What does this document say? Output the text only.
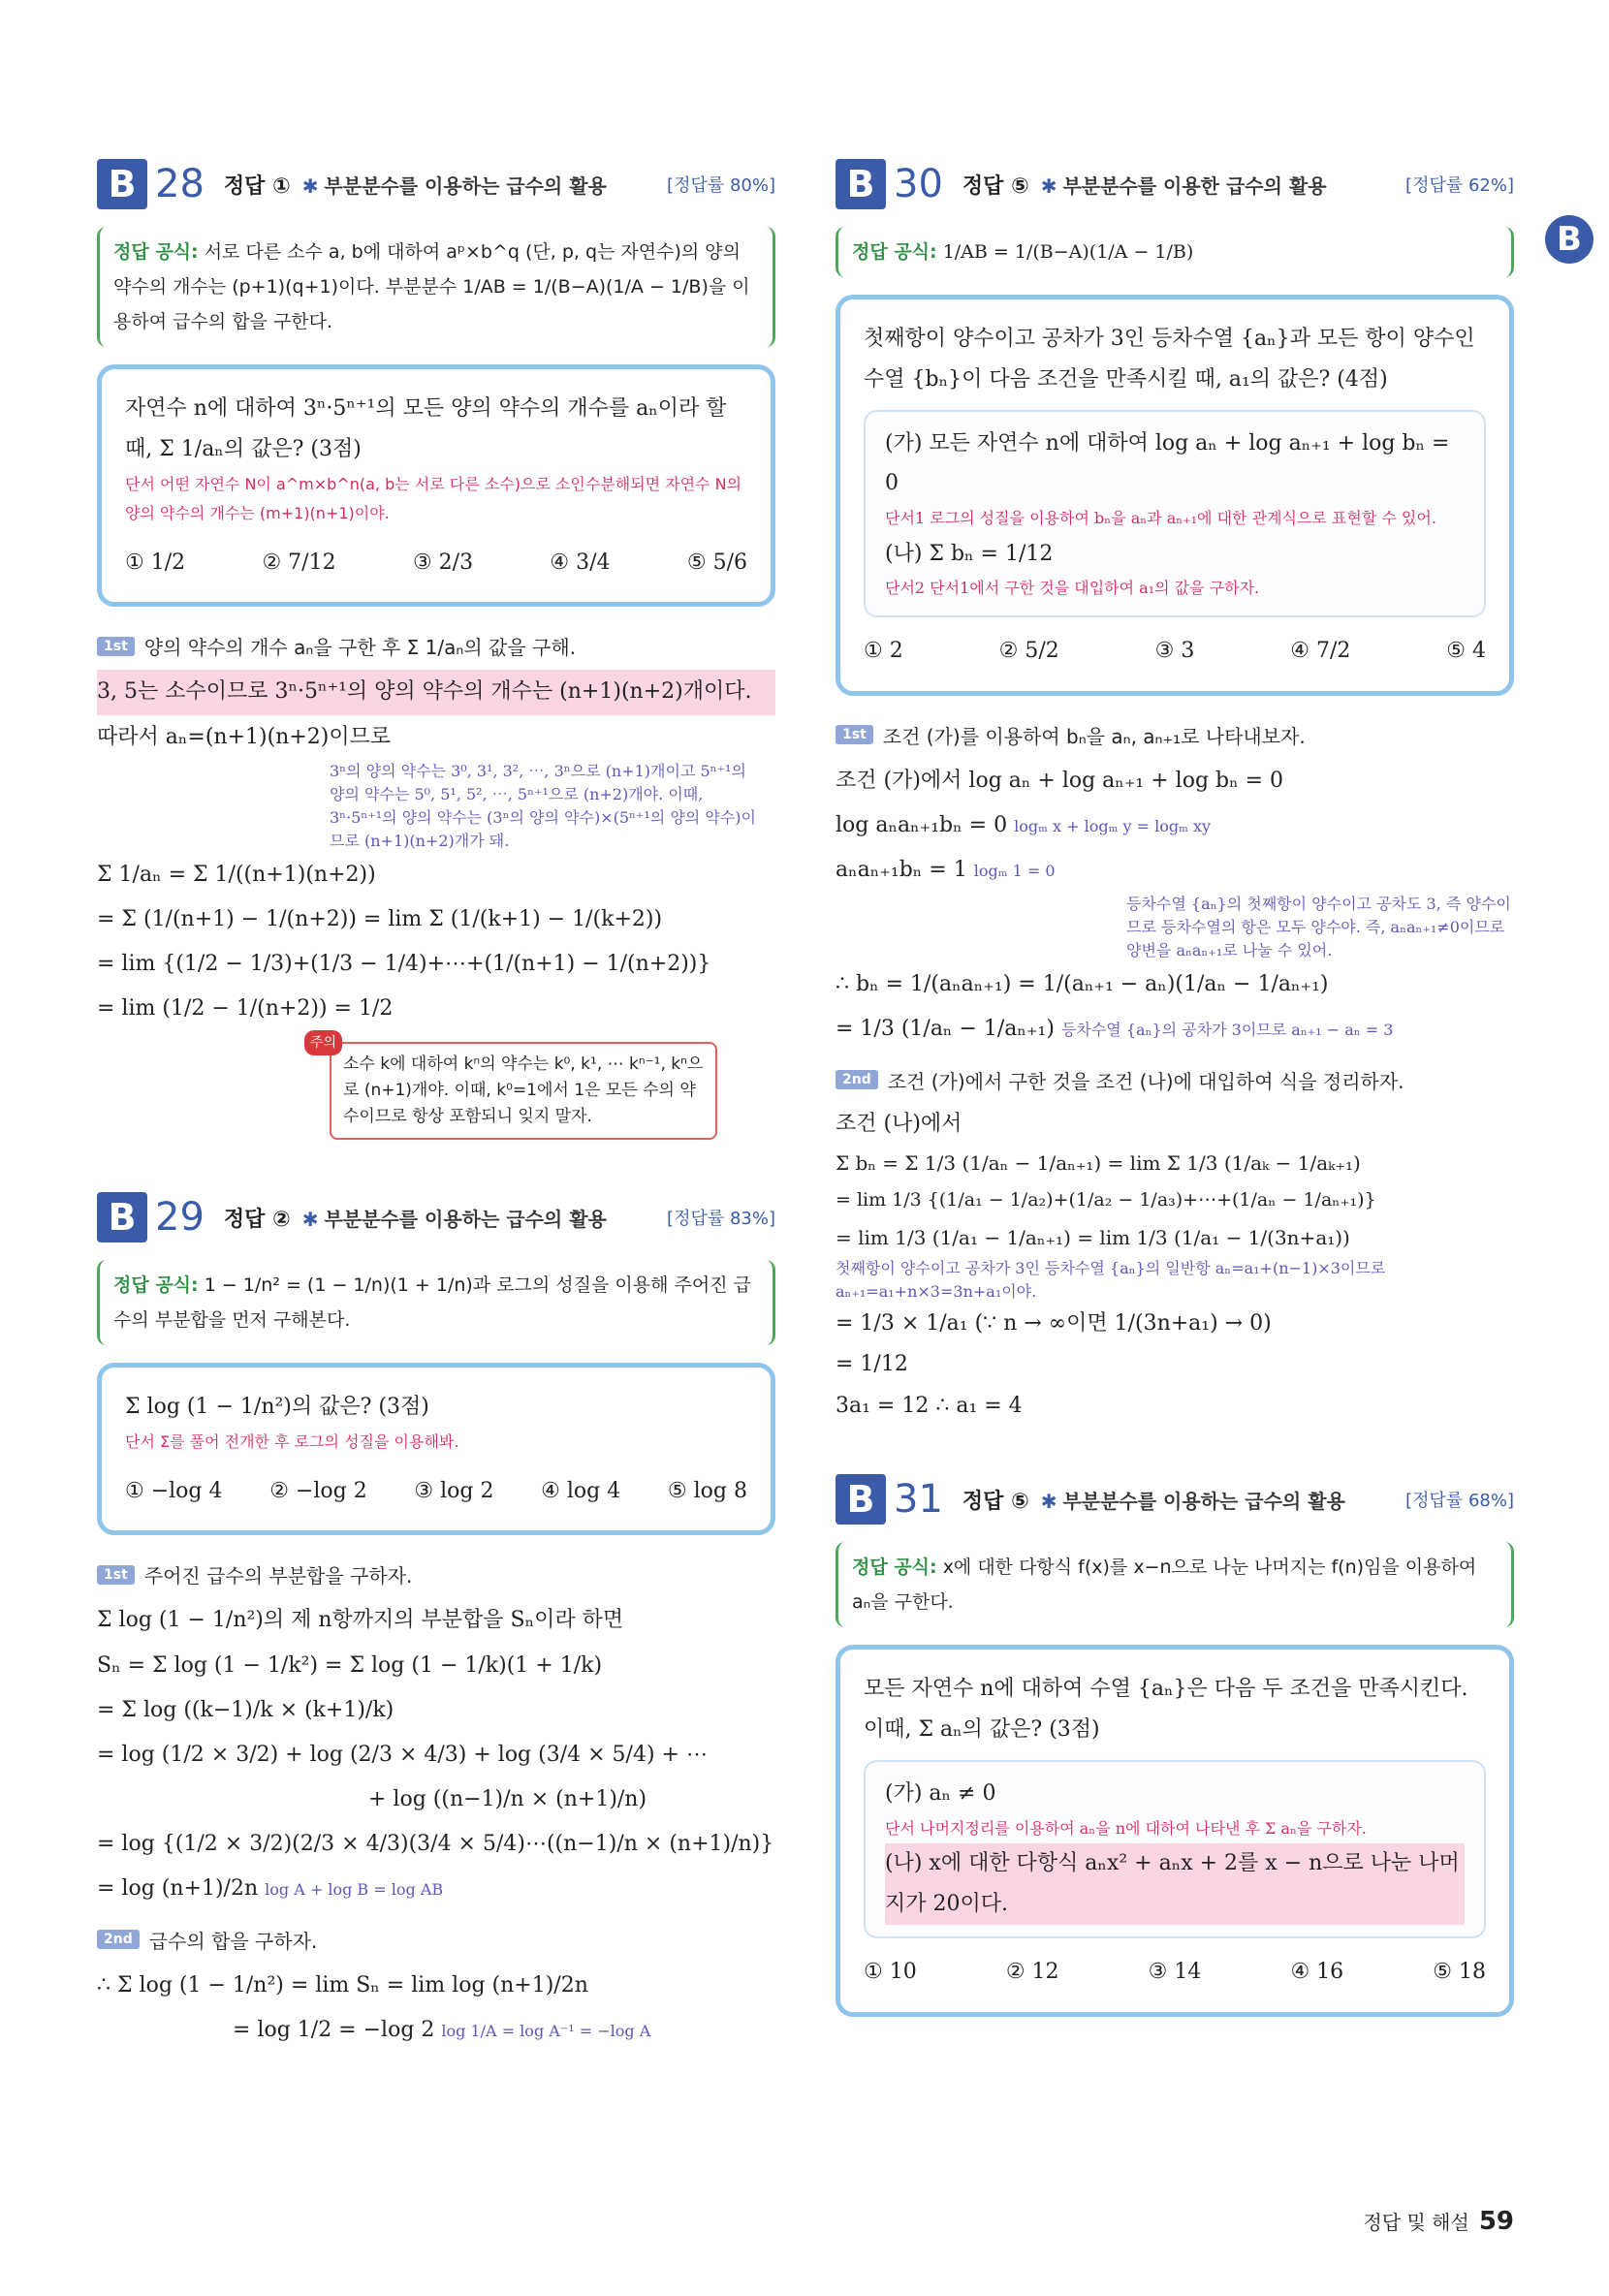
B
B 28 정답 ①	✱ 부분분수를 이용하는 급수의 활용	[정답률 80%]
정답 공식: 서로 다른 소수 a, b에 대하여 aᵖ×b^q (단, p, q는 자연수)의 양의 약수의 개수는 (p+1)(q+1)이다. 부분분수 1/AB = 1/(B−A)(1/A − 1/B)을 이용하여 급수의 합을 구한다.
자연수 n에 대하여 3ⁿ·5ⁿ⁺¹의 모든 양의 약수의 개수를 aₙ이라 할 때, Σ 1/aₙ의 값은? (3점)
단서 어떤 자연수 N이 a^m×b^n(a, b는 서로 다른 소수)으로 소인수분해되면 자연수 N의 양의 약수의 개수는 (m+1)(n+1)이야.
① 1/2	② 7/12	③ 2/3	④ 3/4	⑤ 5/6
1st 양의 약수의 개수 aₙ을 구한 후 Σ 1/aₙ의 값을 구해.
3, 5는 소수이므로 3ⁿ·5ⁿ⁺¹의 양의 약수의 개수는 (n+1)(n+2)개이다.
따라서 aₙ=(n+1)(n+2)이므로
3ⁿ의 양의 약수는 3⁰, 3¹, 3², ⋯, 3ⁿ으로 (n+1)개이고 5ⁿ⁺¹의 양의 약수는 5⁰, 5¹, 5², ⋯, 5ⁿ⁺¹으로 (n+2)개야. 이때, 3ⁿ·5ⁿ⁺¹의 양의 약수는 (3ⁿ의 양의 약수)×(5ⁿ⁺¹의 양의 약수)이므로 (n+1)(n+2)개가 돼.
Σ 1/aₙ = Σ 1/((n+1)(n+2))
= Σ (1/(n+1) − 1/(n+2)) = lim Σ (1/(k+1) − 1/(k+2))
= lim {(1/2 − 1/3)+(1/3 − 1/4)+⋯+(1/(n+1) − 1/(n+2))}
= lim (1/2 − 1/(n+2)) = 1/2
주의
소수 k에 대하여 kⁿ의 약수는 k⁰, k¹, ⋯ kⁿ⁻¹, kⁿ으로 (n+1)개야. 이때, k⁰=1에서 1은 모든 수의 약수이므로 항상 포함되니 잊지 말자.
B 29 정답 ②	✱ 부분분수를 이용하는 급수의 활용	[정답률 83%]
정답 공식: 1 − 1/n² = (1 − 1/n)(1 + 1/n)과 로그의 성질을 이용해 주어진 급수의 부분합을 먼저 구해본다.
Σ log (1 − 1/n²)의 값은? (3점)
단서 Σ를 풀어 전개한 후 로그의 성질을 이용해봐.
① −log 4 ② −log 2 ③ log 2 ④ log 4 ⑤ log 8
1st 주어진 급수의 부분합을 구하자.
Σ log (1 − 1/n²)의 제 n항까지의 부분합을 Sₙ이라 하면
Sₙ = Σ log (1 − 1/k²) = Σ log (1 − 1/k)(1 + 1/k)
= Σ log ((k−1)/k × (k+1)/k)
= log (1/2 × 3/2) + log (2/3 × 4/3) + log (3/4 × 5/4) + ⋯
+ log ((n−1)/n × (n+1)/n)
= log {(1/2 × 3/2)(2/3 × 4/3)(3/4 × 5/4)⋯((n−1)/n × (n+1)/n)}
= log (n+1)/2n log A + log B = log AB
2nd 급수의 합을 구하자.
∴ Σ log (1 − 1/n²) = lim Sₙ = lim log (n+1)/2n
= log 1/2 = −log 2 log 1/A = log A⁻¹ = −log A
B 30 정답 ⑤	✱ 부분분수를 이용한 급수의 활용	[정답률 62%]
정답 공식: 1/AB = 1/(B−A)(1/A − 1/B)
첫째항이 양수이고 공차가 3인 등차수열 {aₙ}과 모든 항이 양수인 수열 {bₙ}이 다음 조건을 만족시킬 때, a₁의 값은? (4점)
(가) 모든 자연수 n에 대하여 log aₙ + log aₙ₊₁ + log bₙ = 0
단서1 로그의 성질을 이용하여 bₙ을 aₙ과 aₙ₊₁에 대한 관계식으로 표현할 수 있어.
(나) Σ bₙ = 1/12
단서2 단서1에서 구한 것을 대입하여 a₁의 값을 구하자.
① 2	② 5/2	③ 3	④ 7/2	⑤ 4
1st 조건 (가)를 이용하여 bₙ을 aₙ, aₙ₊₁로 나타내보자.
조건 (가)에서 log aₙ + log aₙ₊₁ + log bₙ = 0
log aₙaₙ₊₁bₙ = 0 logₘ x + logₘ y = logₘ xy
aₙaₙ₊₁bₙ = 1 logₘ 1 = 0
등차수열 {aₙ}의 첫째항이 양수이고 공차도 3, 즉 양수이므로 등차수열의 항은 모두 양수야. 즉, aₙaₙ₊₁≠0이므로 양변을 aₙaₙ₊₁로 나눌 수 있어.
∴ bₙ = 1/(aₙaₙ₊₁) = 1/(aₙ₊₁ − aₙ)(1/aₙ − 1/aₙ₊₁)
= 1/3 (1/aₙ − 1/aₙ₊₁) 등차수열 {aₙ}의 공차가 3이므로 aₙ₊₁ − aₙ = 3
2nd 조건 (가)에서 구한 것을 조건 (나)에 대입하여 식을 정리하자.
조건 (나)에서
Σ bₙ = Σ 1/3 (1/aₙ − 1/aₙ₊₁) = lim Σ 1/3 (1/aₖ − 1/aₖ₊₁)
= lim 1/3 {(1/a₁ − 1/a₂)+(1/a₂ − 1/a₃)+⋯+(1/aₙ − 1/aₙ₊₁)}
= lim 1/3 (1/a₁ − 1/aₙ₊₁) = lim 1/3 (1/a₁ − 1/(3n+a₁))
첫째항이 양수이고 공차가 3인 등차수열 {aₙ}의 일반항 aₙ=a₁+(n−1)×3이므로 aₙ₊₁=a₁+n×3=3n+a₁이야.
= 1/3 × 1/a₁ (∵ n → ∞이면 1/(3n+a₁) → 0)
= 1/12
3a₁ = 12 ∴ a₁ = 4
B 31 정답 ⑤	✱ 부분분수를 이용하는 급수의 활용	[정답률 68%]
정답 공식: x에 대한 다항식 f(x)를 x−n으로 나눈 나머지는 f(n)임을 이용하여 aₙ을 구한다.
모든 자연수 n에 대하여 수열 {aₙ}은 다음 두 조건을 만족시킨다. 이때, Σ aₙ의 값은? (3점)
(가) aₙ ≠ 0
단서 나머지정리를 이용하여 aₙ을 n에 대하여 나타낸 후 Σ aₙ을 구하자.
(나) x에 대한 다항식 aₙx² + aₙx + 2를 x − n으로 나눈 나머지가 20이다.
① 10	② 12	③ 14	④ 16	⑤ 18
정답 및 해설 59
